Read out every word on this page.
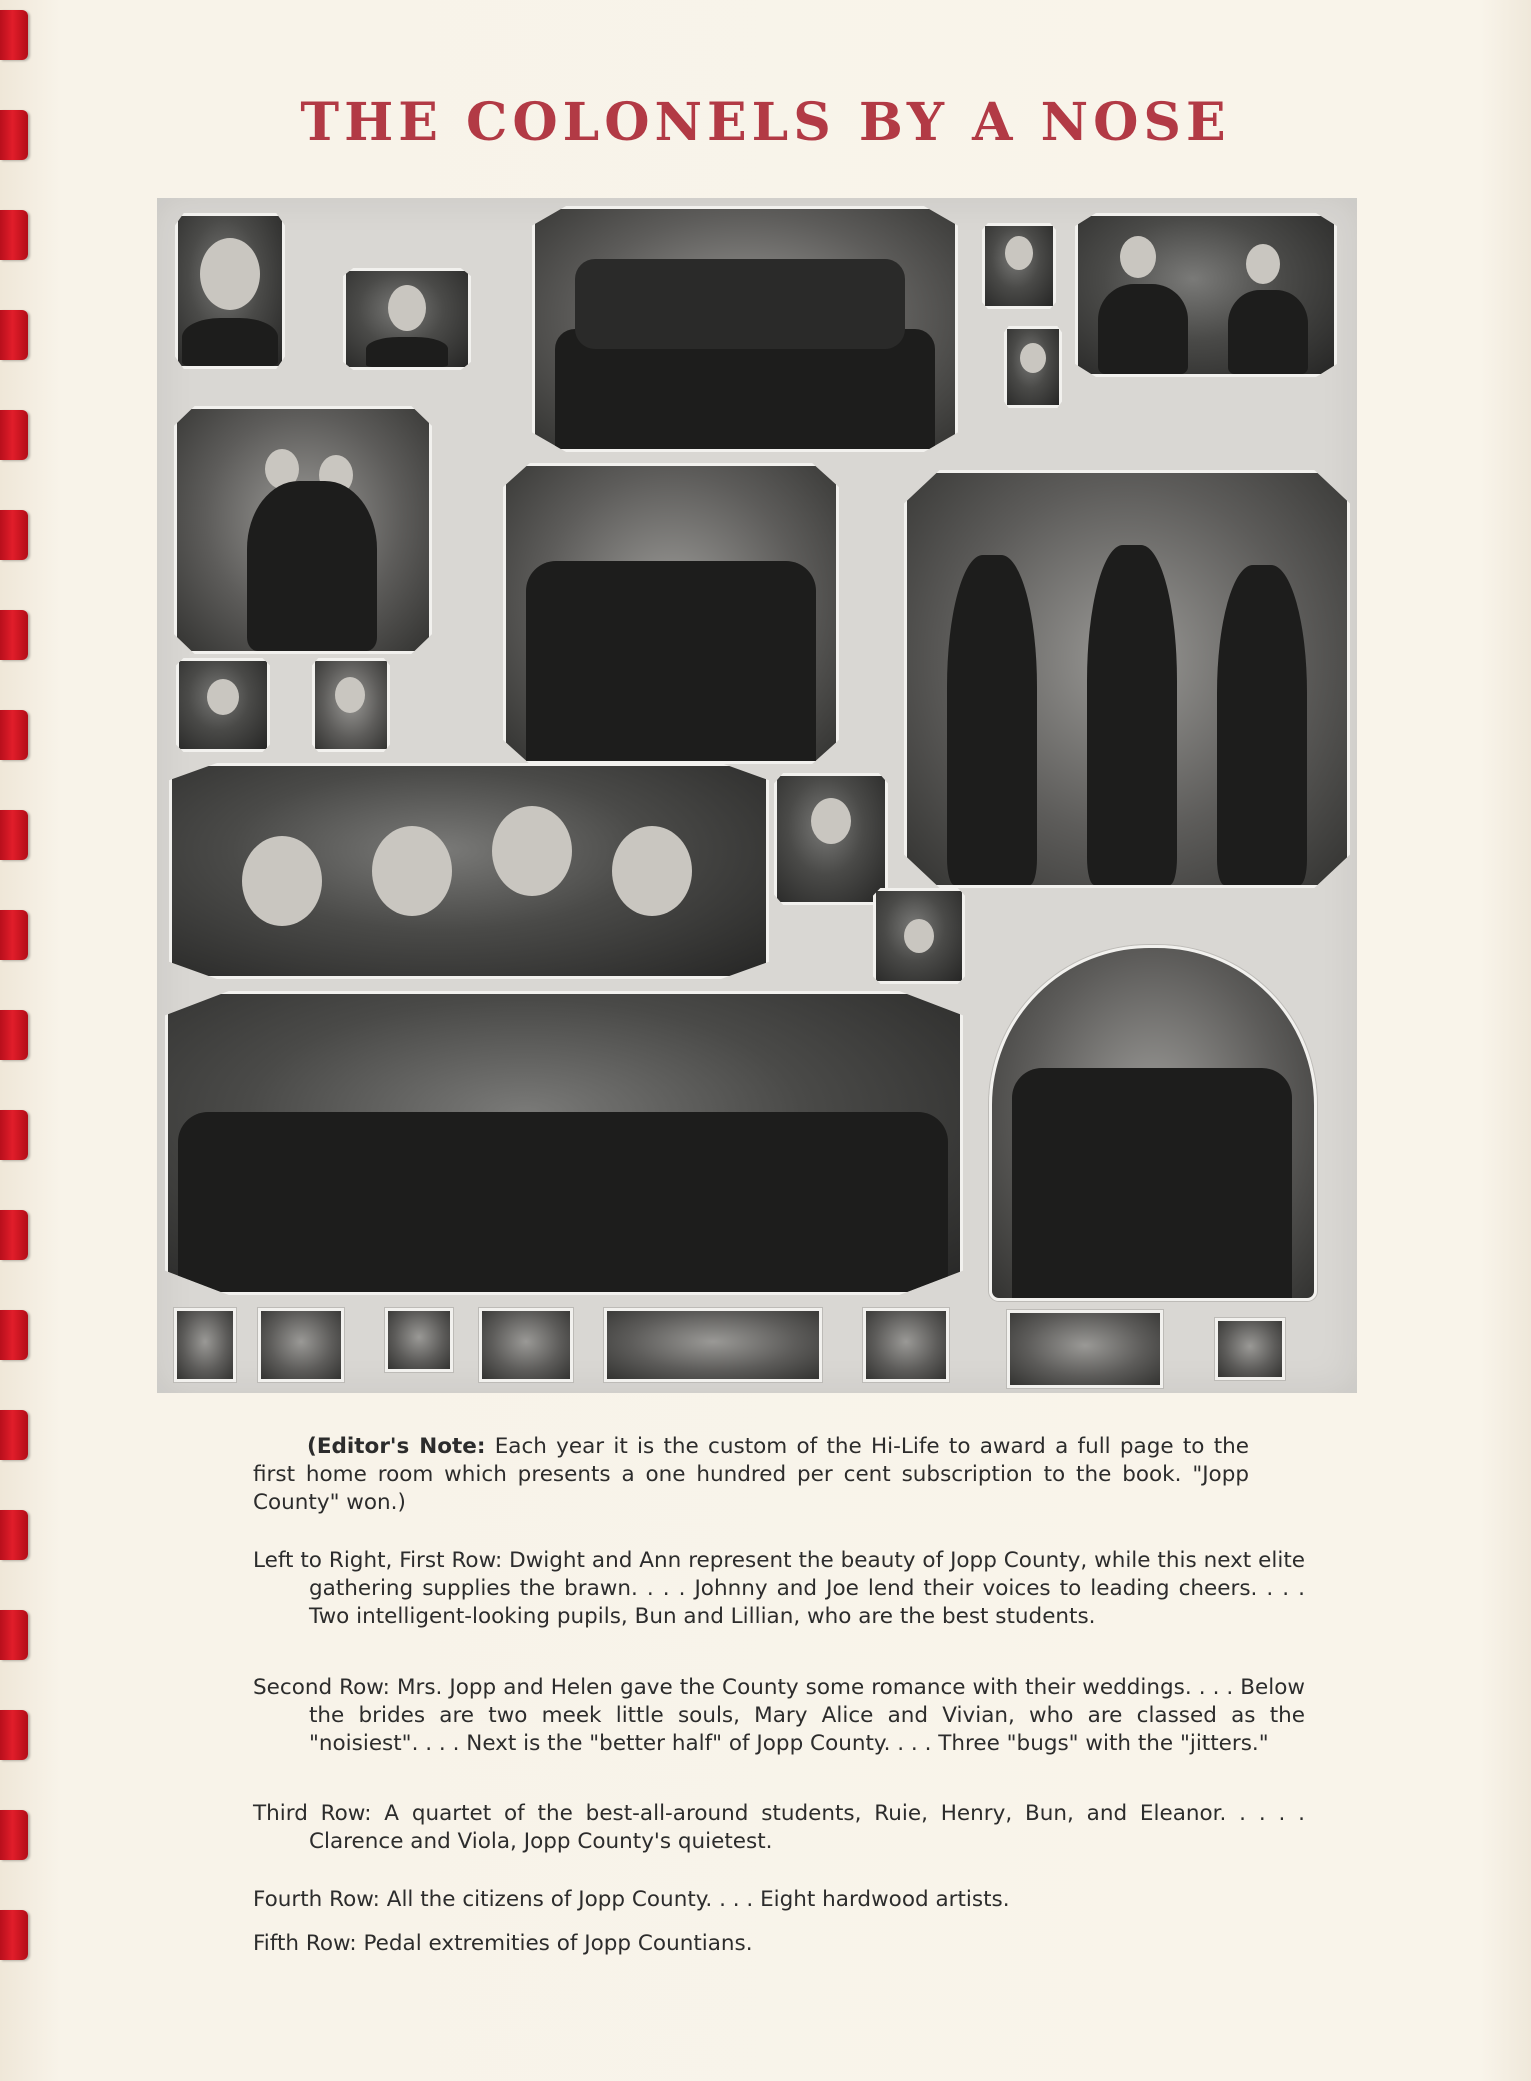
THE COLONELS BY A NOSE

(Editor's Note: Each year it is the custom of the Hi-Life to award a full page to the first home room which presents a one hundred per cent subscription to the book. "Jopp County" won.)

Left to Right, First Row: Dwight and Ann represent the beauty of Jopp County, while this next elite gathering supplies the brawn. . . . Johnny and Joe lend their voices to leading cheers. . . . Two intelligent-looking pupils, Bun and Lillian, who are the best students.
Second Row: Mrs. Jopp and Helen gave the County some romance with their weddings. . . . Below the brides are two meek little souls, Mary Alice and Vivian, who are classed as the "noisiest". . . . Next is the "better half" of Jopp County. . . . Three "bugs" with the "jitters."
Third Row: A quartet of the best-all-around students, Ruie, Henry, Bun, and Eleanor. . . . . Clarence and Viola, Jopp County's quietest.
Fourth Row: All the citizens of Jopp County. . . . Eight hardwood artists.
Fifth Row: Pedal extremities of Jopp Countians.
